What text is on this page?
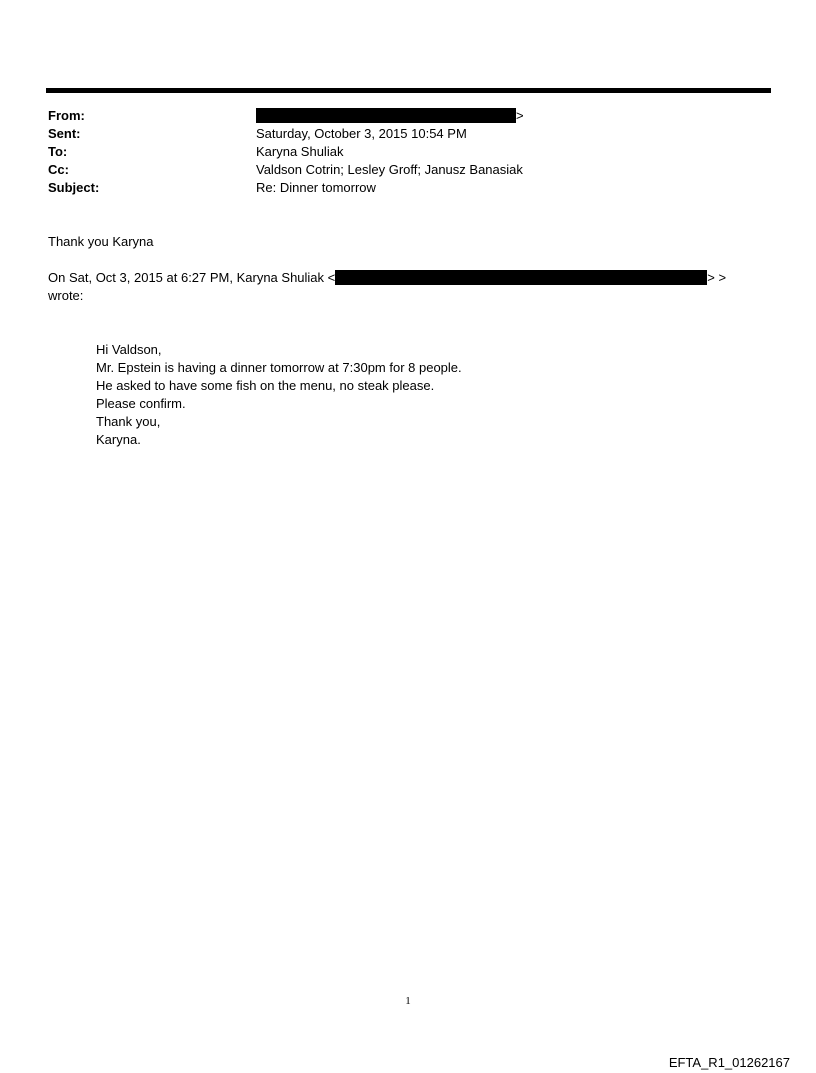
From:	>
Sent:	Saturday, October 3, 2015 10:54 PM
To:	Karyna Shuliak
Cc:	Valdson Cotrin; Lesley Groff; Janusz Banasiak
Subject:	Re: Dinner tomorrow
Thank you Karyna
On Sat, Oct 3, 2015 at 6:27 PM, Karyna Shuliak <	> >
wrote:
Hi Valdson,
Mr. Epstein is having a dinner tomorrow at 7:30pm for 8 people.
He asked to have some fish on the menu, no steak please.
Please confirm.
Thank you,
Karyna.
1
EFTA_R1_01262167
